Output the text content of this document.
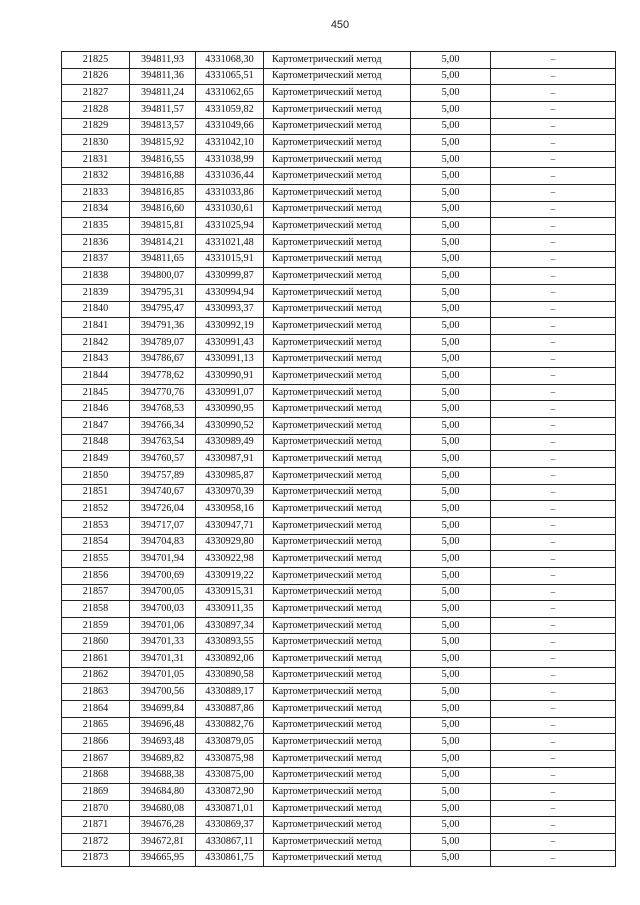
450
21825	394811,93	4331068,30	Картометрический метод	5,00	–
21826	394811,36	4331065,51	Картометрический метод	5,00	–
21827	394811,24	4331062,65	Картометрический метод	5,00	–
21828	394811,57	4331059,82	Картометрический метод	5,00	–
21829	394813,57	4331049,66	Картометрический метод	5,00	–
21830	394815,92	4331042,10	Картометрический метод	5,00	–
21831	394816,55	4331038,99	Картометрический метод	5,00	–
21832	394816,88	4331036,44	Картометрический метод	5,00	–
21833	394816,85	4331033,86	Картометрический метод	5,00	–
21834	394816,60	4331030,61	Картометрический метод	5,00	–
21835	394815,81	4331025,94	Картометрический метод	5,00	–
21836	394814,21	4331021,48	Картометрический метод	5,00	–
21837	394811,65	4331015,91	Картометрический метод	5,00	–
21838	394800,07	4330999,87	Картометрический метод	5,00	–
21839	394795,31	4330994,94	Картометрический метод	5,00	–
21840	394795,47	4330993,37	Картометрический метод	5,00	–
21841	394791,36	4330992,19	Картометрический метод	5,00	–
21842	394789,07	4330991,43	Картометрический метод	5,00	–
21843	394786,67	4330991,13	Картометрический метод	5,00	–
21844	394778,62	4330990,91	Картометрический метод	5,00	–
21845	394770,76	4330991,07	Картометрический метод	5,00	–
21846	394768,53	4330990,95	Картометрический метод	5,00	–
21847	394766,34	4330990,52	Картометрический метод	5,00	–
21848	394763,54	4330989,49	Картометрический метод	5,00	–
21849	394760,57	4330987,91	Картометрический метод	5,00	–
21850	394757,89	4330985,87	Картометрический метод	5,00	–
21851	394740,67	4330970,39	Картометрический метод	5,00	–
21852	394726,04	4330958,16	Картометрический метод	5,00	–
21853	394717,07	4330947,71	Картометрический метод	5,00	–
21854	394704,83	4330929,80	Картометрический метод	5,00	–
21855	394701,94	4330922,98	Картометрический метод	5,00	–
21856	394700,69	4330919,22	Картометрический метод	5,00	–
21857	394700,05	4330915,31	Картометрический метод	5,00	–
21858	394700,03	4330911,35	Картометрический метод	5,00	–
21859	394701,06	4330897,34	Картометрический метод	5,00	–
21860	394701,33	4330893,55	Картометрический метод	5,00	–
21861	394701,31	4330892,06	Картометрический метод	5,00	–
21862	394701,05	4330890,58	Картометрический метод	5,00	–
21863	394700,56	4330889,17	Картометрический метод	5,00	–
21864	394699,84	4330887,86	Картометрический метод	5,00	–
21865	394696,48	4330882,76	Картометрический метод	5,00	–
21866	394693,48	4330879,05	Картометрический метод	5,00	–
21867	394689,82	4330875,98	Картометрический метод	5,00	–
21868	394688,38	4330875,00	Картометрический метод	5,00	–
21869	394684,80	4330872,90	Картометрический метод	5,00	–
21870	394680,08	4330871,01	Картометрический метод	5,00	–
21871	394676,28	4330869,37	Картометрический метод	5,00	–
21872	394672,81	4330867,11	Картометрический метод	5,00	–
21873	394665,95	4330861,75	Картометрический метод	5,00	–
